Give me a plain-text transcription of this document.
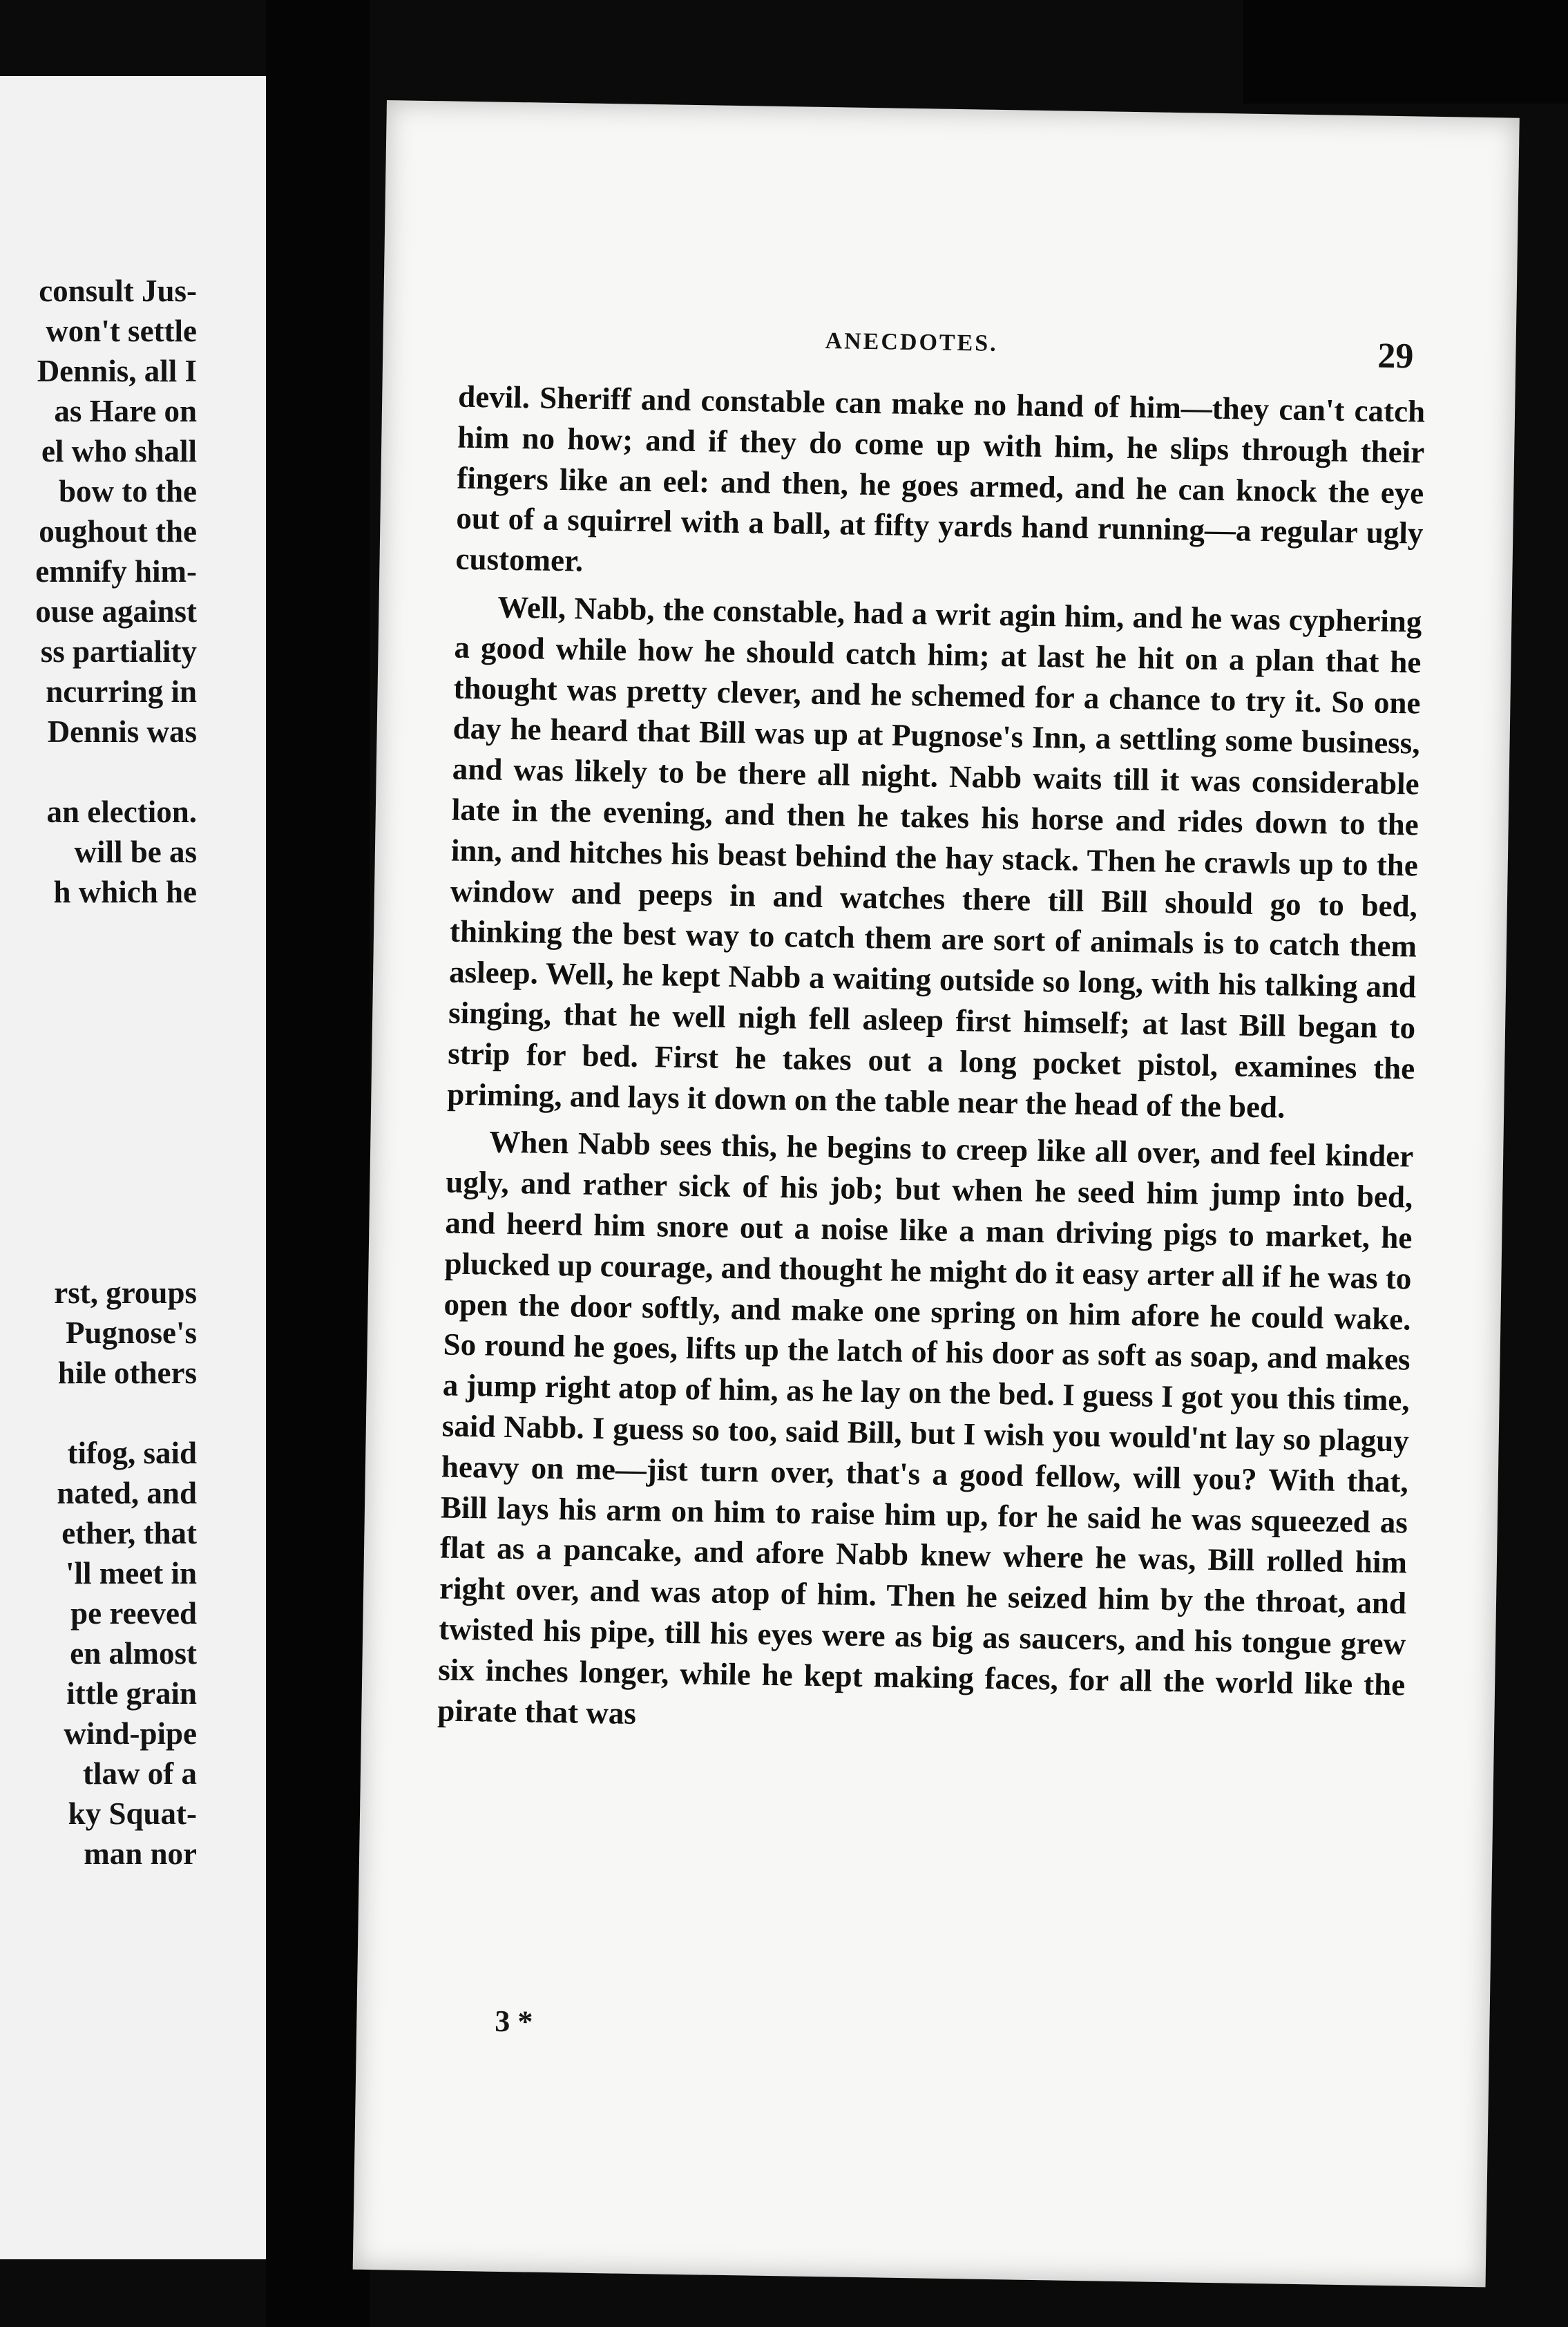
consult Jus-
won't settle
Dennis, all I
as Hare on
el who shall
bow to the
oughout the
emnify him-
ouse against
ss partiality
ncurring in
Dennis was
an election.
will be as
h which he
rst, groups
Pugnose's
hile others
tifog, said
nated, and
ether, that
'll meet in
pe reeved
en almost
ittle grain
wind-pipe
tlaw of a
ky Squat-
man nor
ANECDOTES.	29

devil. Sheriff and constable can make no hand of him—they can't catch him no how; and if they do come up with him, he slips through their fingers like an eel: and then, he goes armed, and he can knock the eye out of a squirrel with a ball, at fifty yards hand running—a regular ugly customer.

Well, Nabb, the constable, had a writ agin him, and he was cyphering a good while how he should catch him; at last he hit on a plan that he thought was pretty clever, and he schemed for a chance to try it. So one day he heard that Bill was up at Pugnose's Inn, a settling some business, and was likely to be there all night. Nabb waits till it was considerable late in the evening, and then he takes his horse and rides down to the inn, and hitches his beast behind the hay stack. Then he crawls up to the window and peeps in and watches there till Bill should go to bed, thinking the best way to catch them are sort of animals is to catch them asleep. Well, he kept Nabb a waiting outside so long, with his talking and singing, that he well nigh fell asleep first himself; at last Bill began to strip for bed. First he takes out a long pocket pistol, examines the priming, and lays it down on the table near the head of the bed.

When Nabb sees this, he begins to creep like all over, and feel kinder ugly, and rather sick of his job; but when he seed him jump into bed, and heerd him snore out a noise like a man driving pigs to market, he plucked up courage, and thought he might do it easy arter all if he was to open the door softly, and make one spring on him afore he could wake. So round he goes, lifts up the latch of his door as soft as soap, and makes a jump right atop of him, as he lay on the bed. I guess I got you this time, said Nabb. I guess so too, said Bill, but I wish you would'nt lay so plaguy heavy on me—jist turn over, that's a good fellow, will you? With that, Bill lays his arm on him to raise him up, for he said he was squeezed as flat as a pancake, and afore Nabb knew where he was, Bill rolled him right over, and was atop of him. Then he seized him by the throat, and twisted his pipe, till his eyes were as big as saucers, and his tongue grew six inches longer, while he kept making faces, for all the world like the pirate that was

3 *
